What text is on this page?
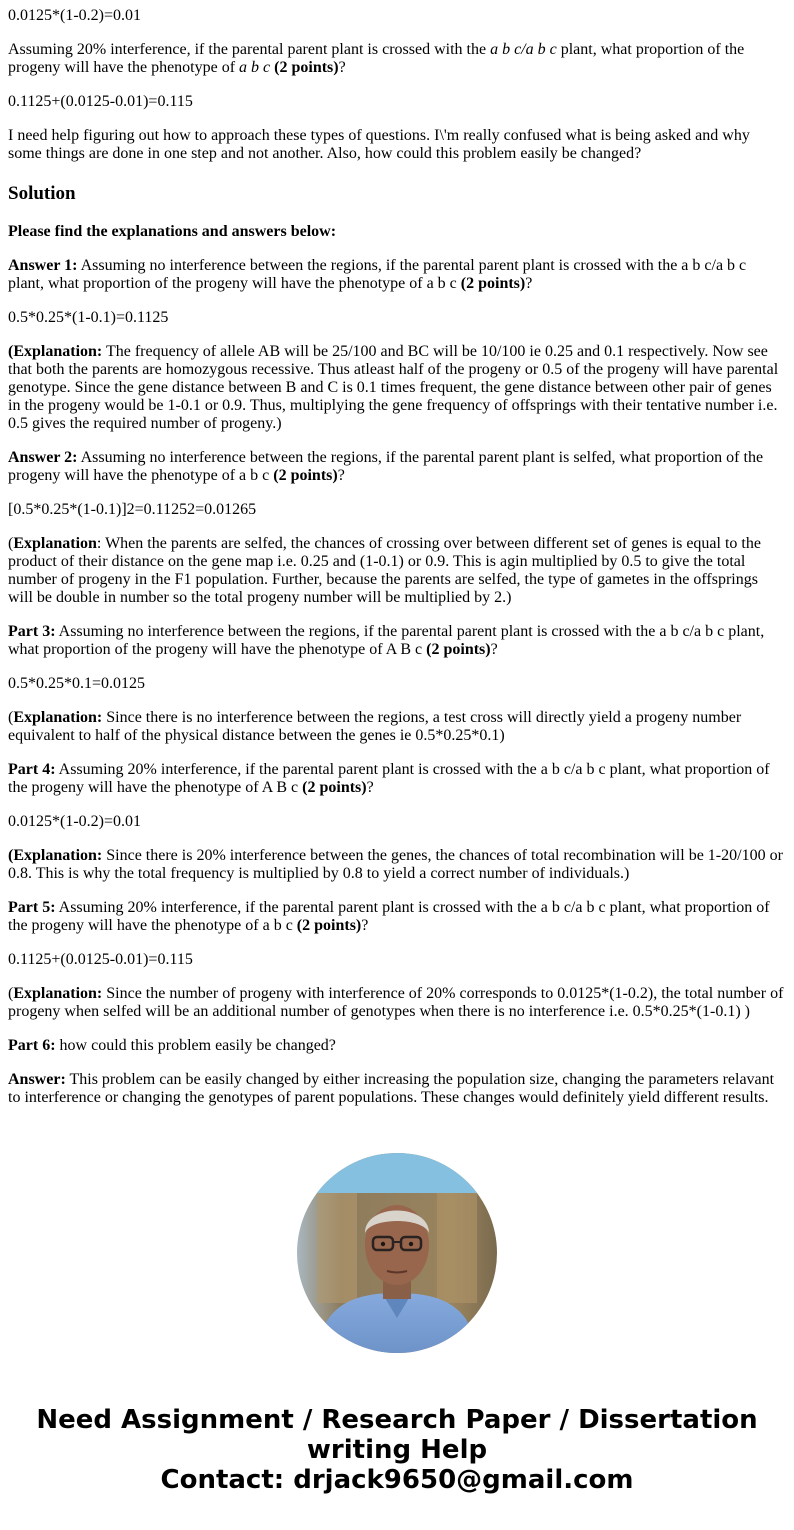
0.0125*(1-0.2)=0.01

Assuming 20% interference, if the parental parent plant is crossed with the a b c/a b c plant, what proportion of the progeny will have the phenotype of a b c (2 points)?

0.1125+(0.0125-0.01)=0.115

I need help figuring out how to approach these types of questions. I\'m really confused what is being asked and why some things are done in one step and not another. Also, how could this problem easily be changed?

Solution

Please find the explanations and answers below:

Answer 1: Assuming no interference between the regions, if the parental parent plant is crossed with the a b c/a b c plant, what proportion of the progeny will have the phenotype of a b c (2 points)?

0.5*0.25*(1-0.1)=0.1125

(Explanation: The frequency of allele AB will be 25/100 and BC will be 10/100 ie 0.25 and 0.1 respectively. Now see that both the parents are homozygous recessive. Thus atleast half of the progeny or 0.5 of the progeny will have parental genotype. Since the gene distance between B and C is 0.1 times frequent, the gene distance between other pair of genes in the progeny would be 1-0.1 or 0.9. Thus, multiplying the gene frequency of offsprings with their tentative number i.e. 0.5 gives the required number of progeny.)

Answer 2: Assuming no interference between the regions, if the parental parent plant is selfed, what proportion of the progeny will have the phenotype of a b c (2 points)?

[0.5*0.25*(1-0.1)]2=0.11252=0.01265

(Explanation: When the parents are selfed, the chances of crossing over between different set of genes is equal to the product of their distance on the gene map i.e. 0.25 and (1-0.1) or 0.9. This is agin multiplied by 0.5 to give the total number of progeny in the F1 population. Further, because the parents are selfed, the type of gametes in the offsprings will be double in number so the total progeny number will be multiplied by 2.)

Part 3: Assuming no interference between the regions, if the parental parent plant is crossed with the a b c/a b c plant, what proportion of the progeny will have the phenotype of A B c (2 points)?

0.5*0.25*0.1=0.0125

(Explanation: Since there is no interference between the regions, a test cross will directly yield a progeny number equivalent to half of the physical distance between the genes ie 0.5*0.25*0.1)

Part 4: Assuming 20% interference, if the parental parent plant is crossed with the a b c/a b c plant, what proportion of the progeny will have the phenotype of A B c (2 points)?

0.0125*(1-0.2)=0.01

(Explanation: Since there is 20% interference between the genes, the chances of total recombination will be 1-20/100 or 0.8. This is why the total frequency is multiplied by 0.8 to yield a correct number of individuals.)

Part 5: Assuming 20% interference, if the parental parent plant is crossed with the a b c/a b c plant, what proportion of the progeny will have the phenotype of a b c (2 points)?

0.1125+(0.0125-0.01)=0.115

(Explanation: Since the number of progeny with interference of 20% corresponds to 0.0125*(1-0.2), the total number of progeny when selfed will be an additional number of genotypes when there is no interference i.e. 0.5*0.25*(1-0.1) )

Part 6: how could this problem easily be changed?

Answer: This problem can be easily changed by either increasing the population size, changing the parameters relavant to interference or changing the genotypes of parent populations. These changes would definitely yield different results.

Need Assignment / Research Paper / Dissertation
writing Help
Contact: drjack9650@gmail.com
